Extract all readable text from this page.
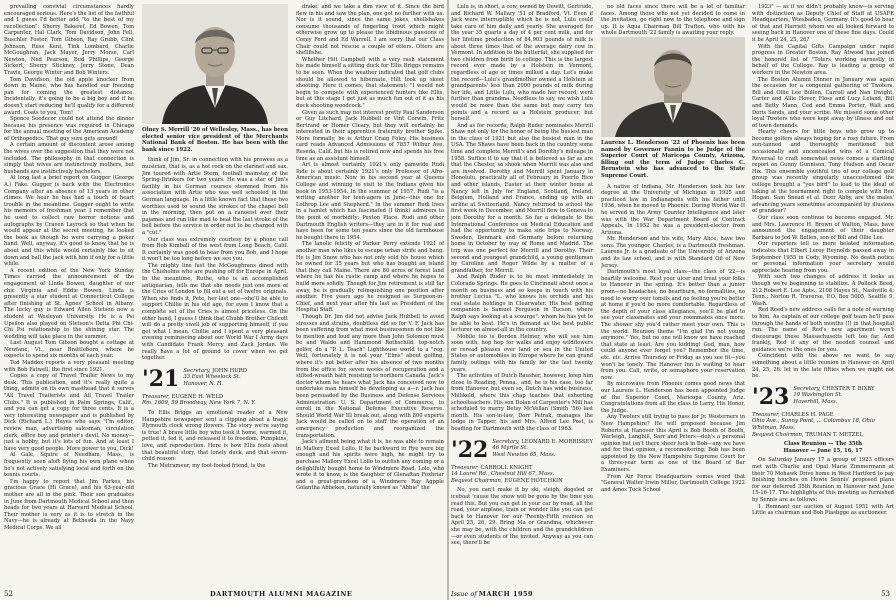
prevailing convivial circumstances hardly encouraged serious. Here's the list of the faithful and I guess I'd better add "to the best of my recollection": Sherry Bakeref, Ed Bowen, Tom Carpenter, Hal Clark, Tom Davidson, John Fell, Buschler Foster, Tom Gibson, Ray Grubb, Clint Johnson, Russ Kent, Tink Lombard, Charlie McGoughran, Jack Mayer, Jerry Morse, Carl Newton, Ned Pearson, Bud Phillips, George Sickert, Sherry Stickney, Jerry Stone, Dean Travis, George Winter and Bob Winters.

Tom Davidson, the old apple knocker from down in Maine, who has handled our freezing pan for coming the greatest distance. Incidentally, it's going to be a big boy and if he doesn't start reducing he'll qualify for a different award. Coats to you, Tom!

Spence Seedecor could not attend the dinner because his presence was required in Chicago for the annual meeting of the American Academy of Orthopedics. That guy sure gets around!

A certain amount of discontent arose among the wives over the suggestion that they were not included. The philosophy in that connection is simply that wives are instinctively mothers, but husbands are instinctively bachelors.

At long last a brief report on Gugger (George A.) Fake. Gugger is back with the Electronics Company after an absence of 13 years in other climes. We hear he has had a touch of heart trouble in the meantime. Gugger ought to write his memoirs of freshman year. I remember that he used to collect raw horror notions and autographs by Craven Layrock so that when he would appear at the secret meeting, he looked the book as though he were carrying a poker hand. Well, anyway, it's good to know that he is about and this while would certainly like to sit down and ball the jack with him if only for a little while.

A recent edition of the New York Sunday Times carried the announcement of the engagement of Linda Bowen, daughter of our chic Virginia and Eddie Bowen. Linda is presently a star student at Connecticut College after finishing at St. Agnes' School in Albany. The lucky guy is Edward Allen Stetson now a student at Wesleyan University. He is a Psi Upsilon also played on Stetson's Delta Phi Chi-Chi Psi relationship to the shining star. The wedding will take place in the summer.

Last August Tom Gibson bought a cottage at Newfane, Vt., near Brattleboro, where he expects to spend six months of each year.

Ted Maddox reports a very pleasant meeting with Bob Fatwell, the first since 1921.

Copies a copy of Travel Trailer News to my desk. This publication, and it's really quite a thing, admits on its own masthead that it serves "All Travel Trailerists and All Travel Trailer Clubs." It is published in Palm Springs, Calif., and you can get a copy for three cents. It is a very interesting newspaper and is published by Dick (Richard L.) Hayes who says "I'm editor, review man, advertising salesman, circulation clerk, office boy and printer's devil. No money—just a hobby, but it's lots of fun. And at least I have very good people. More power to you, Dick!

Al Gale, Squire of Needham, Mass., is frequently seen aloft flying his own plane when he's not actively satisfying local and forth on the tennis courts.

I'm happy to report that Jim Parkes, his gracious Grace (Hi Grace), and his 63-year-old mother are all in the pink. Their son graduates in June from Dartmouth Medical School and then heads for two years at Harvard Medical School. Their mother is very as it is to stretch in the Navy—he is already at Bethesda in the Navy Medical Corps. We all

Olney S. Merrill '20 of Wellesley, Mass., has been elected senior vice president of the Merchants National Bank of Boston. He has been with the bank since 1922.

think of Jim, Sr. in connection with his prowess as a musician, that is, as a hot rock on the clarinet and sax. Jim toured with Artie Stern, football mainstay of the Spring-Drinkers for two years. He was a star of Jim's facility in his German courses stemmed from his association with Artie who was well schooled in the German language. In a little known fact that these two worthies used to sound the strokes of the chapel bell in the morning, then put on a canoeist over their pajamas and run like mad to beat the last stroke of the bell before the service in order not to be charged with a "cut."

Our class was extremely courtesy by a phone call from Bob Kimball of the west from Long Beach, Calif. It certainly was good to hear from you Bob, and I hope it won't be too long before we see you.

The mighty line fast the McGoughrans dined with the Chisholms who are pushing off for Europe in April. In the meantime, Ruthe, who is an accomplished antiquarian, tells me that she needs just one more of the Cries of London to fill out a set of twelve originals. When she finds it, Pete, her last one—she'll be able to support Chillie in his old age, for even I know that a complete set of the Cries is almost priceless. On the other hand, I guess I think that Chubb Brother Chilcott will do a pretty swell job of supporting himself, if you get what I mean. Chillie and I spent a very pleasant evening reminiscing about our World War I Army days with Candidate Frank Mercy and Zack Jordan. We really have a lot of ground to cover when we get together.

'21 Secretary, JOHN HURD
33 East Wheelock St.
Hanover, N. H.
Treasurer, EUGENE H. WELD
Rm. 1609, 59 Broadway, New York 7, N. Y.

To Ellis Briggs an emotional reader of a New Hampshire newspaper sent a clipping about a tragic Plymouth clock wrong flowers. The story we're saying is true! A brave little boy who took it home, warmed it, petted it, fed it, and released it to freedom. Pumpkins, love, and reproduction. Here is how Ellis feels about that beautiful story, that lonely duck, and that seven-child reason:

The Metrameur, my foot-footed friend, is the

drake; and we take a dim view of it. Since the bird flew in his and saw the plan, one got no further with us. Nor is it sound, since the same jokes, shellshakes consume thousands of fingerling trout which might otherwise grow up to please the libidinous passions of Corey Ford and Ed Warrell. I am sorry that our Class Chair could not rescue a couple of otters. Otters are shellfishe.

Whether Hilt Campbell with a very rash statement his made himself a sitting duck for Ellis Briggs remains to be seen. When the weather indicated that golf clubs should be allowed to hibernate, Hilt took up skeet shooting. Here it comes, that statement: "I would not begin to compete with experienced hunters like Ellis, but at this stage I get just as much fun out of it as his duck shooting woodcock."

Given as such may not interest pretty Paul Sanderson or Guy Litchard, Jack Hubbell or Vint Corwin, Fritz Bertrand or Homer Cleary, but they will certainly be interested in their apprentice fraternity brother Spike. More formally, he is Arthur Craig Foley. His business card reads Advanced Admissions of 7857 Wilbur Ave. Reseda, Calif. but his is retired now and spends his free time as an assistant himself.

Art is almost certainly 1921's only gamwide Rudi Ihde is about certainly 1921's only Professor of Afro-American music. Now in his second year at Queens College and winning to visit to the Indians given his book in 1953-1954. In the summer of 1957, Rudi "is a writing another for teen-agers in June—this one for Lothrop Lee and Shepherd." In the summer Rudi lives in a hamlet which has fascinated (I think) admirers to the point of morbidity: Pexton Place. Rudi and other Dartmouth English writers—they are in it for real and have been for some ten years since the old farmhouse he bought there in 1954.

The lanolic felicity of Parker Perry extends 1921 of another man who likes to escape urban strife and bang. He is Jim Snow who has not only sold his house which he owned for 35 years but who has bought an island that they call Maine. There are 80 acres of forest land where he has his rustic camp and where he hopes to build more solidly. Though for Jim retirement is still far away, he is gradually relinquishing one position after another. Five years ago he resigned as Surgeon-in-Chief, and next year after his last as President of the Hospital Staff.

Though Dr. Jim did not advise Jack Hubbell to avoid stresses and strains, doubtless did so for V. F. Jack has been suffering from what most businessmen do not like to mention and loud any more than John Solomon must be and Waldo and Hammond Rothschild. top-notch golfer, do a "P. L. Teach" Lighthouse world to a "reg. Well, fortunately it is not your "Elms" about golfing, where it's not better after his absence of two months from the office for, seven weeks of recuperation and a stilted-wreath bath resisting to northern Canada. Jack's doctor whom he hears what Jack has conceived now to undertake man himself be developing as a—r. Jack has been persuaded by the Business and Defense Services Administration. U. S. Department of Commerce, to enroll in the National Defense Executive Reserve. Should World War III break out, along with 800 experts Jack would be called on to staff the operation of an emergency production and reorganized the transportation.

Jack's ailment being what it is, he was able to remain in Mallory Exsel Lollo. If he backward in Rye were big enough and his spirits were high, he might try to purchase Mallory Excel Lollo to outfish any coming or a delightfully bought home to Windmere Road. Lolo, who wrote it to know, is the daughter of Glenaftan Foxbriar and a great-grandson of a Windmere Ray Agpple Golantha Abbeken, naturally known as "Abbie" the

52	DARTMOUTH ALUMNI MAGAZINE

Lulu is, in short, a cow, owned by Dewitt, Gertrude, and Richard W. Mallary '51 of Bradford, Vt. Even if Jack were interruptible which he is not, Lulu could take care of him daily and yearly. She averaged for the year 35 quarts a day of 4 per cent milk, and for her lifetime production of 84,903 pounds of milk is about three times that of the average dairy cow in Vermont. In addition to the butterfat, she supplied for two children from birth to college. This is the largest record ever made by a Holstein in Vermont, regardless of age or times milked a day. Let's make the record—Lulu's grandmother owned a Holstein at grandparents' less than 2000 pounds of milk during her life, and Little Lulu, who made her record, went further than grandma. Needless to say, we wish Lulu would be more than the same but may carry ten points and a record as a Holstein producer, but herself.

And as for records, Ralph Ruder nominates Merrill Shaw not only for the honor of being the busiest man in the class of 1921 but also the busiest man in the USA. The Shaws have been back in the country some time and complete Merrill's and Dorothy's mileage in 1958. Suffice it to say that it is believed as far as are that the Chester, so shook when Merrill was also and are involved. Dorothy and Merrill spent January in Honolulu, practically all of February in Puerto Rico and other islands, Easter at their winter home at Nancy left in July for England, Scotland, Ireland, Belgium, Holland and France, ending up with an airline at Switzerland. Nancy returned to school the first week in December, and Merrill flew to Geneva to join Dorothy for a month. So far a delegate to the International Conference on Medical Education and had the opportunity to make side trips to Norway, Sweden, Denmark and Germany before returning home in October by way of Rome and Madrid. The trip was one perfect for Merrill and Dorothy. Their second and youngest grandchild, a young gentleman by Caroline and Roger Wilde by a matter of a grandfather, for Merrill.

And Ralph Ruder is to be most immediately in Colorado Springs. He goes to Cincinnati about once a month on business and so keeps in touch with his brother Lucius "L. who knows his orchids and his real estate holdings in Clearwater. His best golfing companion is Samuel Ferguson in Tucson, where Ralph says looking at a scourge". whom he has yet to be able to beat. He's in demand as the best public lecturer on almost-all in the country.

Mobile too is Borden Helmer, who will see him soon with, hop hop for walks and enjoy wildflowers or reread pleases over land or sea in the United States or automobiles in Europe where he can grand family outings with his family for the last twenty years.

The activities of Dutch Bausher, however, keep him close to Reading, Penna., and, he is his case, too far from Hanover, but even so, Dutch has wide business, Millikeld, where this chap teaches that exhorting schoolteachers. His son Dolan of Carpenter's Mill has scheduled to marry Betsy McVellan (Smith '56) last month. His son-in-law, Dorr Petrak, manages the lodge in Tapper, his and Mrs. Alfred Lee Post, is heading for Dartmouth with the class of 1963.

'22 Secretary, LEONARD E. MORRISSEY
46 Myrtle St.
West Newton 65, Mass.
Treasurer, CARROLL KNIGHT
14 Laurel Rd., Chestnut Hill 67, Mass.
Bequest Chairman, EUGENE HOTCHKIN

No, you can't make it by ski, sleigh, dogsled or iceboat 'cause the snow will be gone by the time you read this. But you can get in your car by road, all the road, your airplane, train or wonder like you can get back to Hanover for our Twenty-Fifth reunion on April 25, 26, 29. Bring Ma or Grandma, whichever she may be, with the children and the grandchildren—or even students of the invited. Anyway as you can see, there'll be

no old faces since there will be a lot of familiar faces. Among those who not yet decided to come in the invitation, go right now to the telephone and sign up. It is Aqua Chairman Bill Trafton, who with his whole Dartmouth '22 family is awaiting your reply.

Laurens L. Henderson '22 of Phoenix has been named by Governor Fannin to be Judge of the Superior Court of Maricopa County, Arizona, filling out the term of Judge Charles C. Bernstein who has advanced to the State Supreme Court.

A native of Indiana, Mr. Henderson took his law degree at the University of Michigan in 1925 and practiced law in Indianapolis with his father until 1936, when he moved to Phoenix. During World War II he served in the Army Counter Intelligence and later was with the War Department Board of Contract Appeals. In 1952 he was a president-elector from Arizona.

Mr. Henderson and his wife, Mary Alice, have two sons. The younger, Charles, is a Dartmouth freshman. Laurens Jr. is a graduate of the University of Arizona and its law school, and is with Standard Oil of New Jersey.

Dartmouth's most loyal class—the class of '22—is heartily welcome. Rest your ulcer and treat your folks to Hanover in the spring. It's better than a junior prom—no headaches, no heartburn, no formalities, no need to worry over tonsils and no feeling you're better at home if you'd be more comfortable. Regardless of the depth of your class allegiance, you'll be glad to see your classmates and your roommates once more. The shower shy you'd rather meet your own. This is the world. Reunion theme "I'm glad I'm not young anymore." Yes, but no one will know we have reached that state at least. Are you kidding! God, man, how could anyone ever forget you? Remember the time, etc. etc. Arrive Thursday or Friday as you see fit—you won't be lonely. The Hanover Inn is waiting to hear from you. Call, write, or semaphore your reservation now.

By microwave from Phoenix comes good news that our Laurens L. Henderson has been appointed Judge of the Superior Court, Maricopa County, Ariz. Congratulations from all the class to Larry, His Honor, the Judge.

Any Twoters still trying to pass for Jr. Westerners in New Hampshire? He will proposed because Jim Roberts at Hanover this April is Bob Booth of Booth, Warleigh, Langhill, Sarr and Peters—doh's a personal opinion but isn't there sheer luck in Bob—any we have and for that opinion, a reconnoitering; Bob has been appointed by the New Hampshire Supreme Court for a three-year term as one of the Board of Bar Examiners.

From Air Force Headquarters comes word that "General Walter Irwin Miller, Dartmouth College 1922 and Amos Tuck School

1923" — as if we didn't probably know—is serving with distinction as Deputy Chief of Staff at USAFE Headquarters, Wiesbaden, Germany. It's good to hear of that and Harriett whom we all looked forward to seeing back in Hanover one of these fine days. Could it be April 24, 25, 26?

With the Capital Gifts Campaign under rapid progress in Greater Boston. Ray Atwood has joined the honored list of "Toters working earnestly in behalf of the College. Ray is leading a group of workers in the Newton area.

The Boston Alumni Dinner in January was again the occasion for a congenial gathering of Twoters. Bill and Ollie Lee Bullen, Carroll and Nan Dwight, Carter and Allie Hover, Floss and Lucy Leland, Bill and Betty Mann, Ced and Emma Porter, Walt and Doris Sands, and your scribe. We missed some other loyal Twoters who were kept away by illness and out of town demands.

Hearty cheers for little boys who grow up to become golfers always hoping for a rosy future. From sun-tanned and thoroughly mentioned but occasionally and unconcealed wins of a Comical Reversal to craft somewhat news comes a startling report on Gunny Gunnison, Tony Hudson and Oscar Hix. This ensemble youthful trio of our college golf group was recently singularly unaccustomed the college brought a "yes bird" to lead to the ideal of taking at the tournament right to compete with Ben Hogan. Sam Snead et al. Deer Abby, are the males' advancing years sometimes accompanied by illusions of grandeur?

Our class soon continue to become engaged. Mr. and Mrs. Lawrence H. Brown of Walton, Mass. have announced the engagement of their daughter Barbara to Jed W. Bullen, son of Bill and Ollie Lee.

Our reporters tell us more belated information indicates that Elbert Leroy Reynolds passed away in September 1955 in Cody, Wyoming. No death notice or personal information your secretary would appreciate hearing from you.

With such two changes of address it looks as though we're beginning to stabilize. A Pollock Beed, 212 Robert E. Lee Apts., 2108 Hayes St., Nashville 4; Tenn.; Norton R. Traverse, P.O. Box 5005, Seattle 9, Wash.

Red Reed's new address calls for a note of warning to him. As captain of our college golf team he'll pass through the hands of both months (!) in that hospital run. The name of Red's new apartment won't discourage these Massachusetts left too far. And frankly, Red if any of the needed counsel and guidance we're the ones for you.

Coincident with the above we want to say something about a little reunion in Hanover on April 24, 25, 26: let in the late fifties when we might not be.

'23 Secretary, CHESTER T. BIXBY
10 Washington St.
Haverhill, Mass.
Treasurer, CHARLES H. PAGE
Ohio Ave., Sunny Point, ... Columbus 18, Ohio
Whitman, Mass.
Bequest Chairman, TRUMAN T. METZEL
Class Reunion — The 35th
Hanover — June 15, 16, 17

On Saturday January 17 a group of 1923 officers met with Charlie and Opal Marie Zimmermann at their 70 Mohawk Drive home in West Hartford to pay finishing touches on Howie Sennis' proposed plans for our deferred 35th Reunion in Hanover next June 15-16-17. The highlights of this meeting as furnished by Sennis are as follows:

1. Remnant our auction of August 1951 with Art Little as chairman and Bob Plastigge as auctioneer.

Issue of MARCH 1959	53
